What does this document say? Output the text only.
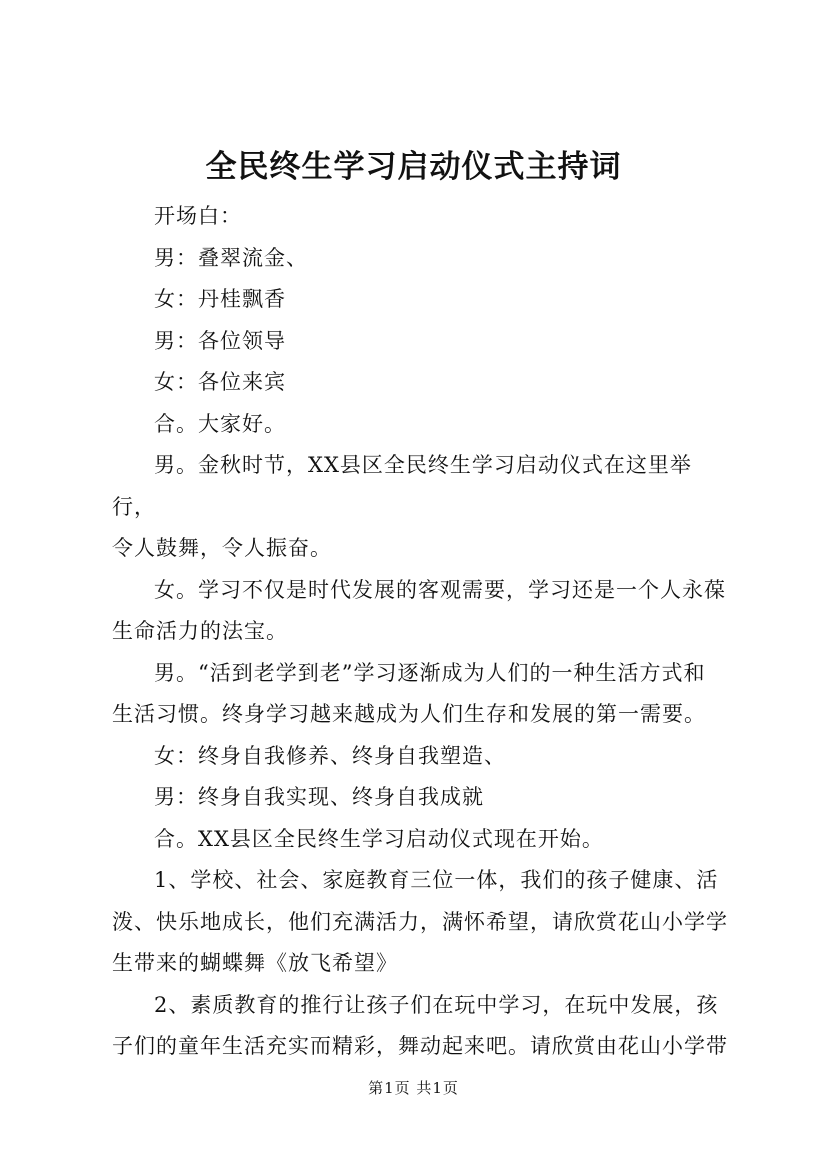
全民终生学习启动仪式主持词

开场白：

男：叠翠流金、

女：丹桂飘香

男：各位领导

女：各位来宾

合。大家好。

男。金秋时节，XX县区全民终生学习启动仪式在这里举行，
令人鼓舞，令人振奋。

女。学习不仅是时代发展的客观需要，学习还是一个人永葆
生命活力的法宝。

男。“活到老学到老”学习逐渐成为人们的一种生活方式和
生活习惯。终身学习越来越成为人们生存和发展的第一需要。

女：终身自我修养、终身自我塑造、

男：终身自我实现、终身自我成就

合。XX县区全民终生学习启动仪式现在开始。

1、学校、社会、家庭教育三位一体，我们的孩子健康、活
泼、快乐地成长，他们充满活力，满怀希望，请欣赏花山小学学
生带来的蝴蝶舞《放飞希望》

2、素质教育的推行让孩子们在玩中学习，在玩中发展，孩
子们的童年生活充实而精彩，舞动起来吧。请欣赏由花山小学带

第1页 共1页
